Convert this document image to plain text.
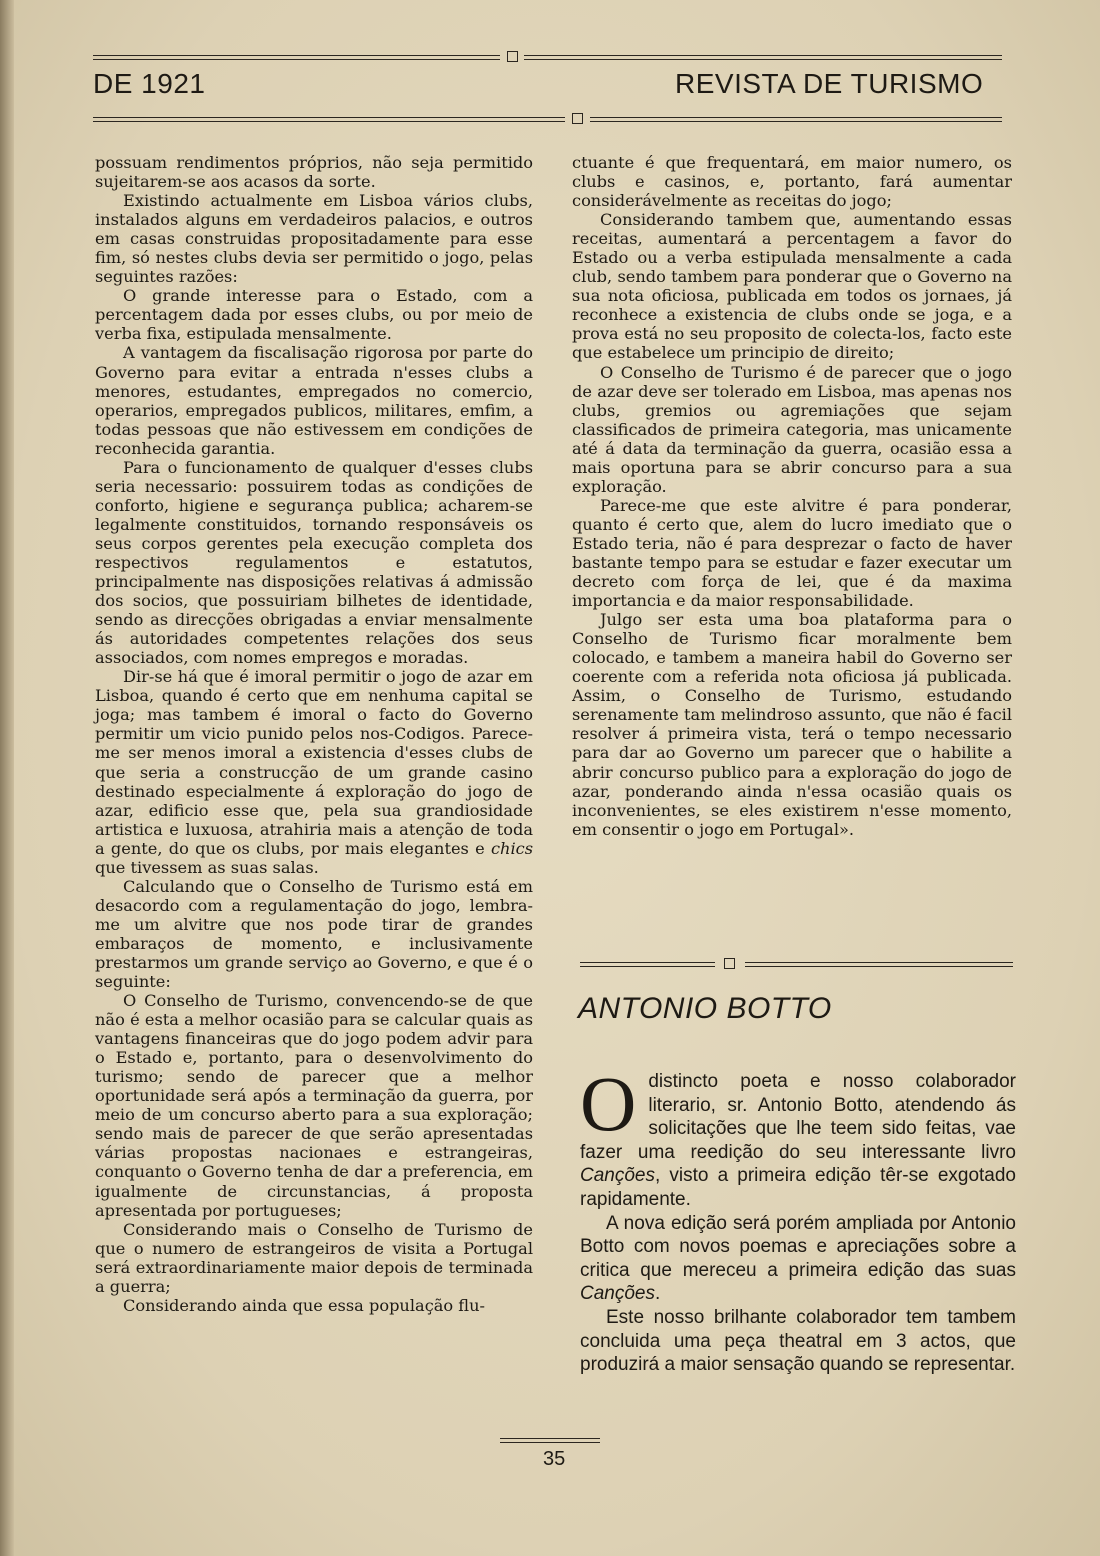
DE 1921	REVISTA DE TURISMO

possuam rendimentos próprios, não seja permitido sujeitarem-se aos acasos da sorte.

Existindo actualmente em Lisboa vários clubs, instalados alguns em verdadeiros palacios, e outros em casas construidas propositadamente para esse fim, só nestes clubs devia ser permitido o jogo, pelas seguintes razões:

O grande interesse para o Estado, com a percentagem dada por esses clubs, ou por meio de verba fixa, estipulada mensalmente.

A vantagem da fiscalisação rigorosa por parte do Governo para evitar a entrada n'esses clubs a menores, estudantes, empregados no comercio, operarios, empregados publicos, militares, emfim, a todas pessoas que não estivessem em condições de reconhecida garantia.

Para o funcionamento de qualquer d'esses clubs seria necessario: possuirem todas as condições de conforto, higiene e segurança publica; acharem-se legalmente constituidos, tornando responsáveis os seus corpos gerentes pela execução completa dos respectivos regulamentos e estatutos, principalmente nas disposições relativas á admissão dos socios, que possuiriam bilhetes de identidade, sendo as direcções obrigadas a enviar mensalmente ás autoridades competentes relações dos seus associados, com nomes empregos e moradas.

Dir-se há que é imoral permitir o jogo de azar em Lisboa, quando é certo que em nenhuma capital se joga; mas tambem é imoral o facto do Governo permitir um vicio punido pelos nos-Codigos. Parece-me ser menos imoral a existencia d'esses clubs de que seria a construcção de um grande casino destinado especialmente á exploração do jogo de azar, edificio esse que, pela sua grandiosidade artistica e luxuosa, atrahiria mais a atenção de toda a gente, do que os clubs, por mais elegantes e chics que tivessem as suas salas.

Calculando que o Conselho de Turismo está em desacordo com a regulamentação do jogo, lembra-me um alvitre que nos pode tirar de grandes embaraços de momento, e inclusivamente prestarmos um grande serviço ao Governo, e que é o seguinte:

O Conselho de Turismo, convencendo-se de que não é esta a melhor ocasião para se calcular quais as vantagens financeiras que do jogo podem advir para o Estado e, portanto, para o desenvolvimento do turismo; sendo de parecer que a melhor oportunidade será após a terminação da guerra, por meio de um concurso aberto para a sua exploração; sendo mais de parecer de que serão apresentadas várias propostas nacionaes e estrangeiras, conquanto o Governo tenha de dar a preferencia, em igualmente de circunstancias, á proposta apresentada por portugueses;

Considerando mais o Conselho de Turismo de que o numero de estrangeiros de visita a Portugal será extraordinariamente maior depois de terminada a guerra;

Considerando ainda que essa população flu-

ctuante é que frequentará, em maior numero, os clubs e casinos, e, portanto, fará aumentar considerávelmente as receitas do jogo;

Considerando tambem que, aumentando essas receitas, aumentará a percentagem a favor do Estado ou a verba estipulada mensalmente a cada club, sendo tambem para ponderar que o Governo na sua nota oficiosa, publicada em todos os jornaes, já reconhece a existencia de clubs onde se joga, e a prova está no seu proposito de colecta-los, facto este que estabelece um principio de direito;

O Conselho de Turismo é de parecer que o jogo de azar deve ser tolerado em Lisboa, mas apenas nos clubs, gremios ou agremiações que sejam classificados de primeira categoria, mas unicamente até á data da terminação da guerra, ocasião essa a mais oportuna para se abrir concurso para a sua exploração.

Parece-me que este alvitre é para ponderar, quanto é certo que, alem do lucro imediato que o Estado teria, não é para desprezar o facto de haver bastante tempo para se estudar e fazer executar um decreto com força de lei, que é da maxima importancia e da maior responsabilidade.

Julgo ser esta uma boa plataforma para o Conselho de Turismo ficar moralmente bem colocado, e tambem a maneira habil do Governo ser coerente com a referida nota oficiosa já publicada. Assim, o Conselho de Turismo, estudando serenamente tam melindroso assunto, que não é facil resolver á primeira vista, terá o tempo necessario para dar ao Governo um parecer que o habilite a abrir concurso publico para a exploração do jogo de azar, ponderando ainda n'essa ocasião quais os inconvenientes, se eles existirem n'esse momento, em consentir o jogo em Portugal».

ANTONIO BOTTO

Odistincto poeta e nosso colaborador literario, sr. Antonio Botto, atendendo ás solicitações que lhe teem sido feitas, vae fazer uma reedição do seu interessante livro Canções, visto a primeira edição têr-se exgotado rapidamente.

A nova edição será porém ampliada por Antonio Botto com novos poemas e apreciações sobre a critica que mereceu a primeira edição das suas Canções.

Este nosso brilhante colaborador tem tambem concluida uma peça theatral em 3 actos, que produzirá a maior sensação quando se representar.

35
